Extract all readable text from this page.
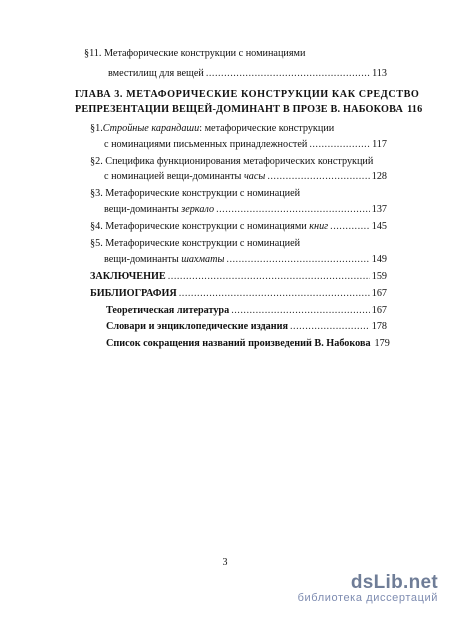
§11. Метафорические конструкции с номинациями
вместилищ для вещей .....	113
ГЛАВА 3. МЕТАФОРИЧЕСКИЕ КОНСТРУКЦИИ КАК СРЕДСТВО
РЕПРЕЗЕНТАЦИИ ВЕЩЕЙ-ДОМИНАНТ В ПРОЗЕ В. НАБОКОВА 116
§1. Стройные карандаши : метафорические конструкции
с номинациями письменных принадлежностей .....	117
§2. Специфика функционирования метафорических конструкций
с номинацией вещи-доминанты часы .....	128
§3. Метафорические конструкции с номинацией
вещи-доминанты зеркало .....	137
§4. Метафорические конструкции с номинациями книг .....	145
§5. Метафорические конструкции с номинацией
вещи-доминанты шахматы .....	149
ЗАКЛЮЧЕНИЕ .....	159
БИБЛИОГРАФИЯ .....	167
Теоретическая литература .....	167
Словари и энциклопедические издания .....	178
Список сокращения названий произведений В. Набокова 179
3
dsLib.net
библиотека диссертаций
